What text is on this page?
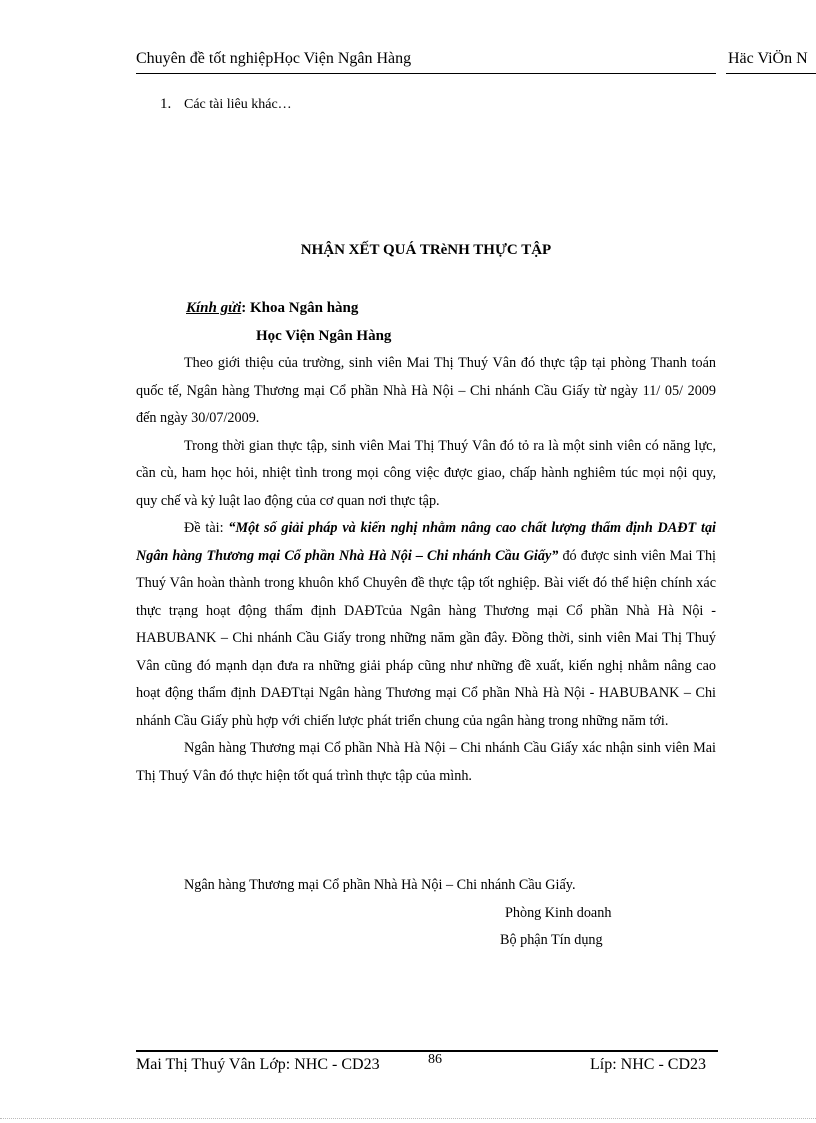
Chuyên đề tốt nghiệpHọc Viện Ngân Hàng	Häc ViÖn N
1. Các tài liêu khác…
NHẬN XẾT QUÁ TRèNH THỰC TẬP
Kính gửi: Khoa Ngân hàng
Học Viện Ngân Hàng

Theo giới thiệu của trường, sinh viên Mai Thị Thuý Vân đó thực tập tại phòng Thanh toán quốc tế, Ngân hàng Thương mại Cổ phần Nhà Hà Nội – Chi nhánh Cầu Giấy từ ngày 11/ 05/ 2009 đến ngày 30/07/2009.

Trong thời gian thực tập, sinh viên Mai Thị Thuý Vân đó tỏ ra là một sinh viên có năng lực, cần cù, ham học hỏi, nhiệt tình trong mọi công việc được giao, chấp hành nghiêm túc mọi nội quy, quy chế và kỷ luật lao động của cơ quan nơi thực tập.

Đề tài: “Một số giải pháp và kiến nghị nhằm nâng cao chất lượng thẩm định DAĐT tại Ngân hàng Thương mại Cổ phần Nhà Hà Nội – Chi nhánh Cầu Giấy” đó được sinh viên Mai Thị Thuý Vân hoàn thành trong khuôn khổ Chuyên đề thực tập tốt nghiệp. Bài viết đó thể hiện chính xác thực trạng hoạt động thẩm định DAĐTcủa Ngân hàng Thương mại Cổ phần Nhà Hà Nội - HABUBANK – Chi nhánh Cầu Giấy trong những năm gần đây. Đồng thời, sinh viên Mai Thị Thuý Vân cũng đó mạnh dạn đưa ra những giải pháp cũng như những đề xuất, kiến nghị nhằm nâng cao hoạt động thẩm định DAĐTtại Ngân hàng Thương mại Cổ phần Nhà Hà Nội - HABUBANK – Chi nhánh Cầu Giấy phù hợp với chiến lược phát triển chung của ngân hàng trong những năm tới.

Ngân hàng Thương mại Cổ phần Nhà Hà Nội – Chi nhánh Cầu Giấy xác nhận sinh viên Mai Thị Thuý Vân đó thực hiện tốt quá trình thực tập của mình.

Ngân hàng Thương mại Cổ phần Nhà Hà Nội – Chi nhánh Cầu Giấy.
Phòng Kinh doanh
Bộ phận Tín dụng
Mai Thị Thuý Vân Lớp: NHC - CD23	86	Líp: NHC - CD23
